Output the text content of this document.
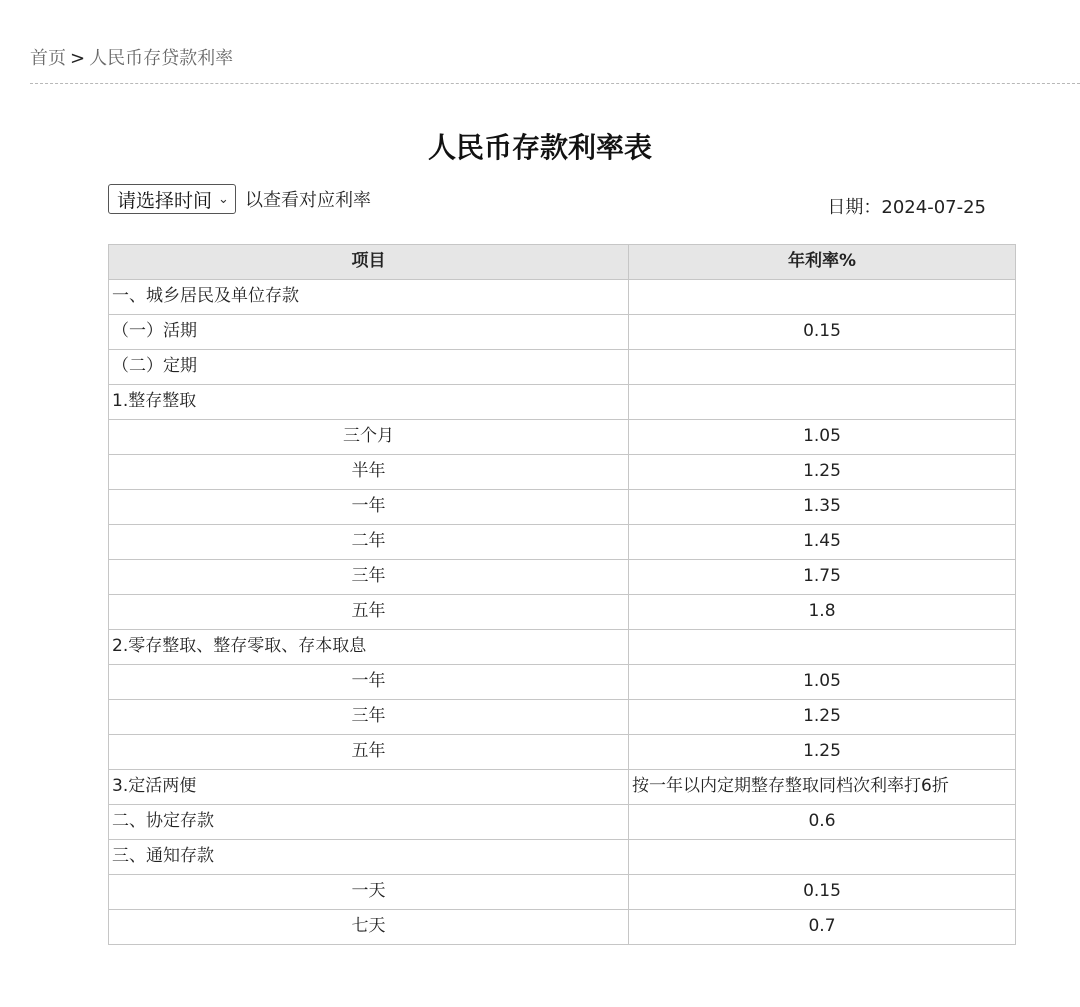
首页 > 人民币存贷款利率
人民币存款利率表
请选择时间 ⌄ 以查看对应利率	日期：2024-07-25
项目	年利率%
一、城乡居民及单位存款	
（一）活期	0.15
（二）定期	
1.整存整取	
三个月	1.05
半年	1.25
一年	1.35
二年	1.45
三年	1.75
五年	1.8
2.零存整取、整存零取、存本取息	
一年	1.05
三年	1.25
五年	1.25
3.定活两便	按一年以内定期整存整取同档次利率打6折
二、协定存款	0.6
三、通知存款	
一天	0.15
七天	0.7
